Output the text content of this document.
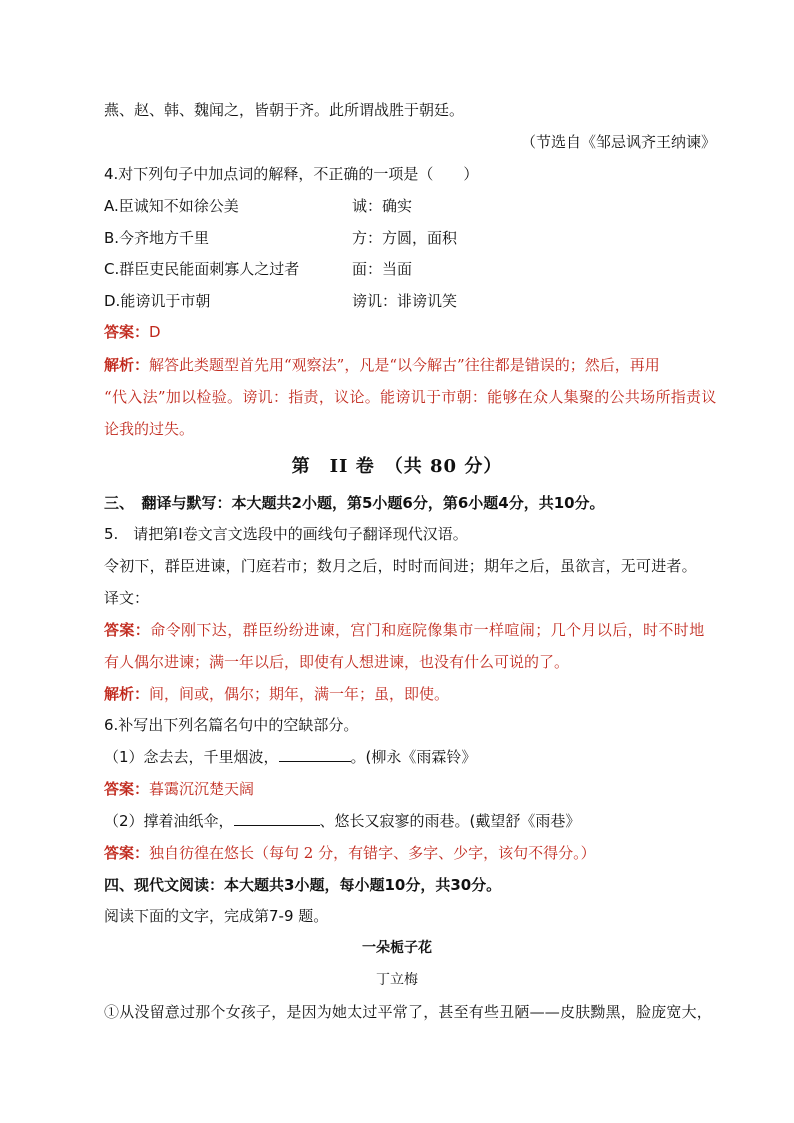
燕、赵、韩、魏闻之，皆朝于齐。此所谓战胜于朝廷。
（节选自《邹忌讽齐王纳谏》
4.对下列句子中加点词的解释，不正确的一项是（　　）
A.臣诚知不如徐公美	诚：确实
B.今齐地方千里	方：方圆，面积
C.群臣吏民能面刺寡人之过者	面：当面
D.能谤讥于市朝	谤讥：诽谤讥笑
答案：D
解析：解答此类题型首先用“观察法”，凡是“以今解古”往往都是错误的；然后，再用
“代入法”加以检验。谤讥：指责，议论。能谤讥于市朝：能够在众人集聚的公共场所指责议
论我的过失。
第　II 卷　（共 80 分）
三、　翻译与默写：本大题共2小题，第5小题6分，第6小题4分，共10分。
5.　请把第I卷文言文选段中的画线句子翻译现代汉语。
令初下，群臣进谏，门庭若市；数月之后，时时而间进；期年之后，虽欲言，无可进者。
译文：
答案：命令刚下达，群臣纷纷进谏，宫门和庭院像集市一样喧闹；几个月以后，时不时地
有人偶尔进谏；满一年以后，即使有人想进谏，也没有什么可说的了。
解析：间，间或，偶尔；期年，满一年；虽，即使。
6.补写出下列名篇名句中的空缺部分。
（1）念去去，千里烟波，	。(柳永《雨霖铃》
答案：暮霭沉沉楚天阔
（2）撑着油纸伞，	、悠长又寂寥的雨巷。(戴望舒《雨巷》
答案：独自彷徨在悠长（每句 2 分，有错字、多字、少字，该句不得分。）
四、现代文阅读：本大题共3小题，每小题10分，共30分。
阅读下面的文字，完成第7-9 题。
一朵栀子花
丁立梅
①从没留意过那个女孩子，是因为她太过平常了，甚至有些丑陋——皮肤黝黑，脸庞宽大，
